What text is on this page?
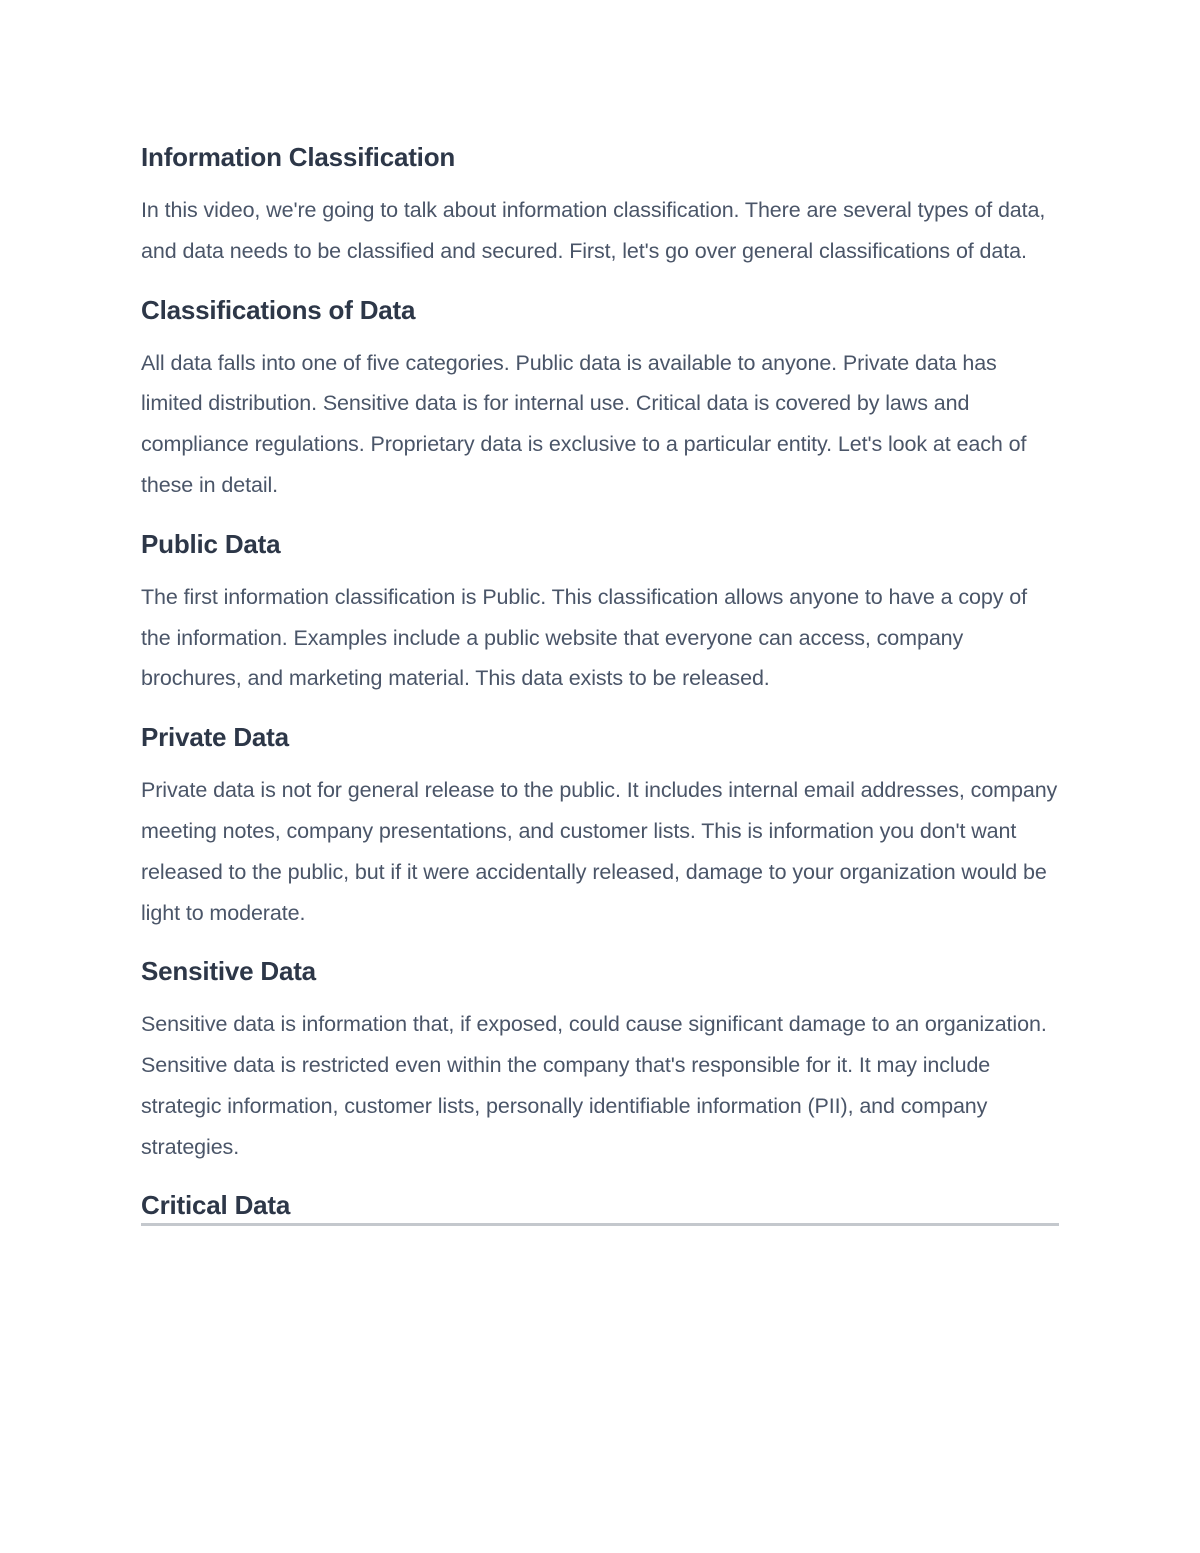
Information Classification

In this video, we're going to talk about information classification. There are several types of data, and data needs to be classified and secured. First, let's go over general classifications of data.

Classifications of Data

All data falls into one of five categories. Public data is available to anyone. Private data has limited distribution. Sensitive data is for internal use. Critical data is covered by laws and compliance regulations. Proprietary data is exclusive to a particular entity. Let's look at each of these in detail.

Public Data

The first information classification is Public. This classification allows anyone to have a copy of the information. Examples include a public website that everyone can access, company brochures, and marketing material. This data exists to be released.

Private Data

Private data is not for general release to the public. It includes internal email addresses, company meeting notes, company presentations, and customer lists. This is information you don't want released to the public, but if it were accidentally released, damage to your organization would be light to moderate.

Sensitive Data

Sensitive data is information that, if exposed, could cause significant damage to an organization. Sensitive data is restricted even within the company that's responsible for it. It may include strategic information, customer lists, personally identifiable information (PII), and company strategies.

Critical Data
